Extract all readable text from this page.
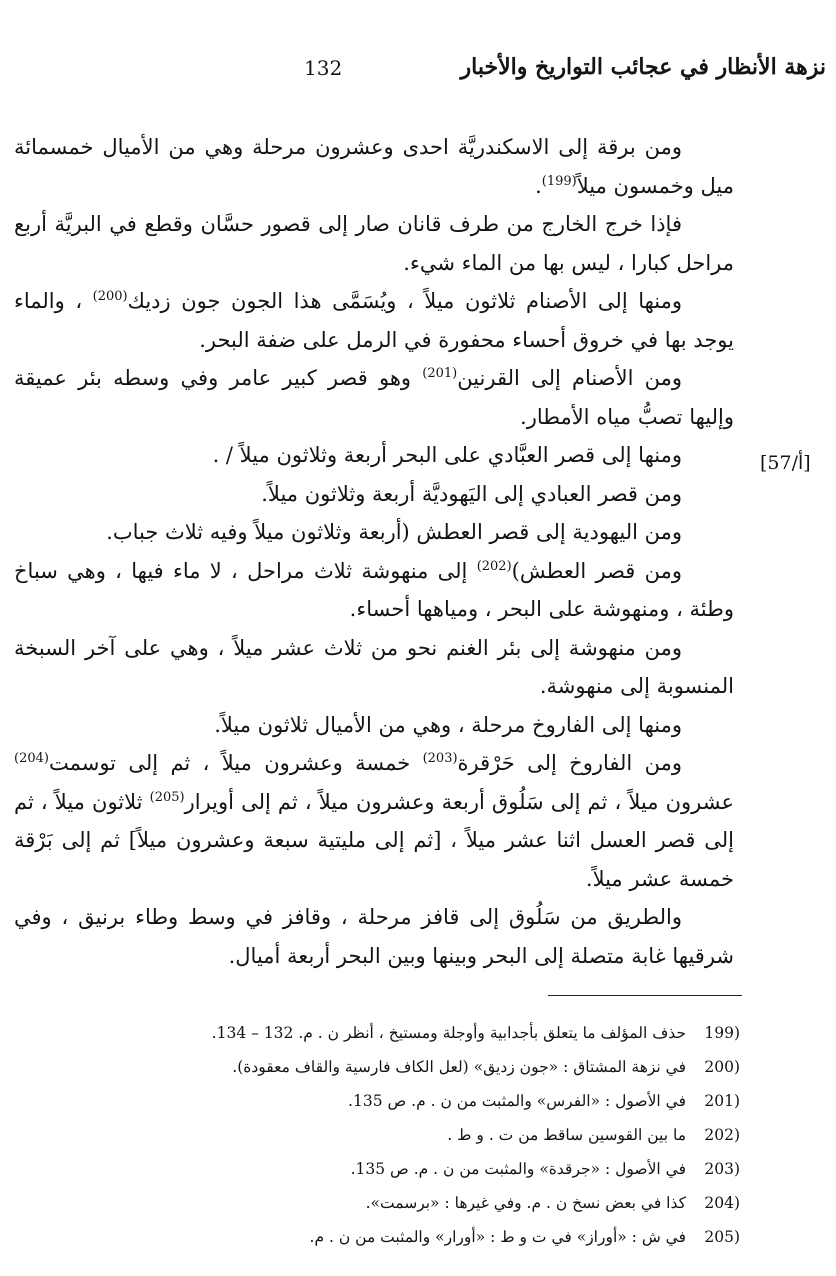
نزهة الأنظار في عجائب التواريخ والأخبار
132
[57/أ]

ومن برقة إلى الاسكندريَّة احدى وعشرون مرحلة وهي من الأميال خمسمائة ميل وخمسون ميلاً$^{(199)}$.

فإذا خرج الخارج من طرف قانان صار إلى قصور حسَّان وقطع في البريَّة أربع مراحل كبارا ، ليس بها من الماء شيء.

ومنها إلى الأصنام ثلاثون ميلاً ، ويُسَمَّى هذا الجون جون زديك$^{(200)}$ ، والماء يوجد بها في خروق أحساء محفورة في الرمل على ضفة البحر.

ومن الأصنام إلى القرنين$^{(201)}$ وهو قصر كبير عامر وفي وسطه بئر عميقة وإليها تصبُّ مياه الأمطار.

ومنها إلى قصر العبَّادي على البحر أربعة وثلاثون ميلاً / .

ومن قصر العبادي إلى اليَهوديَّة أربعة وثلاثون ميلاً.

ومن اليهودية إلى قصر العطش (أربعة وثلاثون ميلاً وفيه ثلاث جباب.

ومن قصر العطش)$^{(202)}$ إلى منهوشة ثلاث مراحل ، لا ماء فيها ، وهي سباخ وطئة ، ومنهوشة على البحر ، ومياهها أحساء.

ومن منهوشة إلى بئر الغنم نحو من ثلاث عشر ميلاً ، وهي على آخر السبخة المنسوبة إلى منهوشة.

ومنها إلى الفاروخ مرحلة ، وهي من الأميال ثلاثون ميلاً.

ومن الفاروخ إلى حَرْقرة$^{(203)}$ خمسة وعشرون ميلاً ، ثم إلى توسمت$^{(204)}$ عشرون ميلاً ، ثم إلى سَلُوق أربعة وعشرون ميلاً ، ثم إلى أويرار$^{(205)}$ ثلاثون ميلاً ، ثم إلى قصر العسل اثنا عشر ميلاً ، [ثم إلى مليتية سبعة وعشرون ميلاً] ثم إلى بَرْقة خمسة عشر ميلاً.

والطريق من سَلُوق إلى قافز مرحلة ، وقافز في وسط وطاء برنيق ، وفي شرقيها غابة متصلة إلى البحر وبينها وبين البحر أربعة أميال.

199)
حذف المؤلف ما يتعلق بأجدابية وأوجلة ومستيخ ، أنظر ن . م. 132 – 134.
200)
في نزهة المشتاق : «جون زديق» (لعل الكاف فارسية والقاف معقودة).
201)
في الأصول : «الفرس» والمثبت من ن . م. ص 135.
202)
ما بين القوسين ساقط من ت . و ط .
203)
في الأصول : «جرقدة» والمثبت من ن . م. ص 135.
204)
كذا في بعض نسخ ن . م. وفي غيرها : «برسمت».
205)
في ش : «أوراز» في ت و ط : «أورار» والمثبت من ن . م.
